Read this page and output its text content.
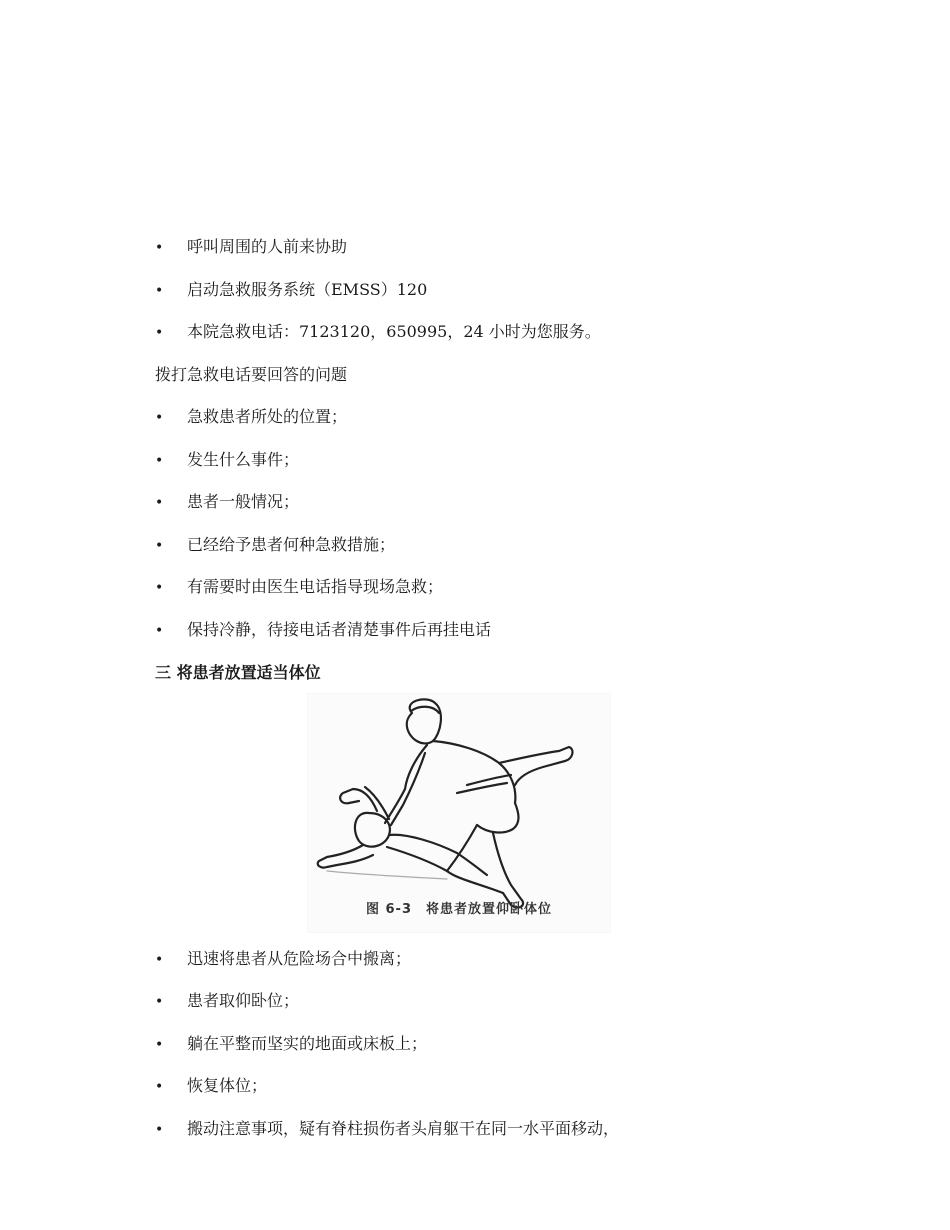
• 呼叫周围的人前来协助
• 启动急救服务系统（EMSS）120
• 本院急救电话：7123120，650995，24 小时为您服务。
拨打急救电话要回答的问题
• 急救患者所处的位置；
• 发生什么事件；
• 患者一般情况；
• 已经给予患者何种急救措施；
• 有需要时由医生电话指导现场急救；
• 保持冷静，待接电话者清楚事件后再挂电话
三 将患者放置适当体位
图 6-3　将患者放置仰卧体位
• 迅速将患者从危险场合中搬离；
• 患者取仰卧位；
• 躺在平整而坚实的地面或床板上；
• 恢复体位；
• 搬动注意事项，疑有脊柱损伤者头肩躯干在同一水平面移动，
